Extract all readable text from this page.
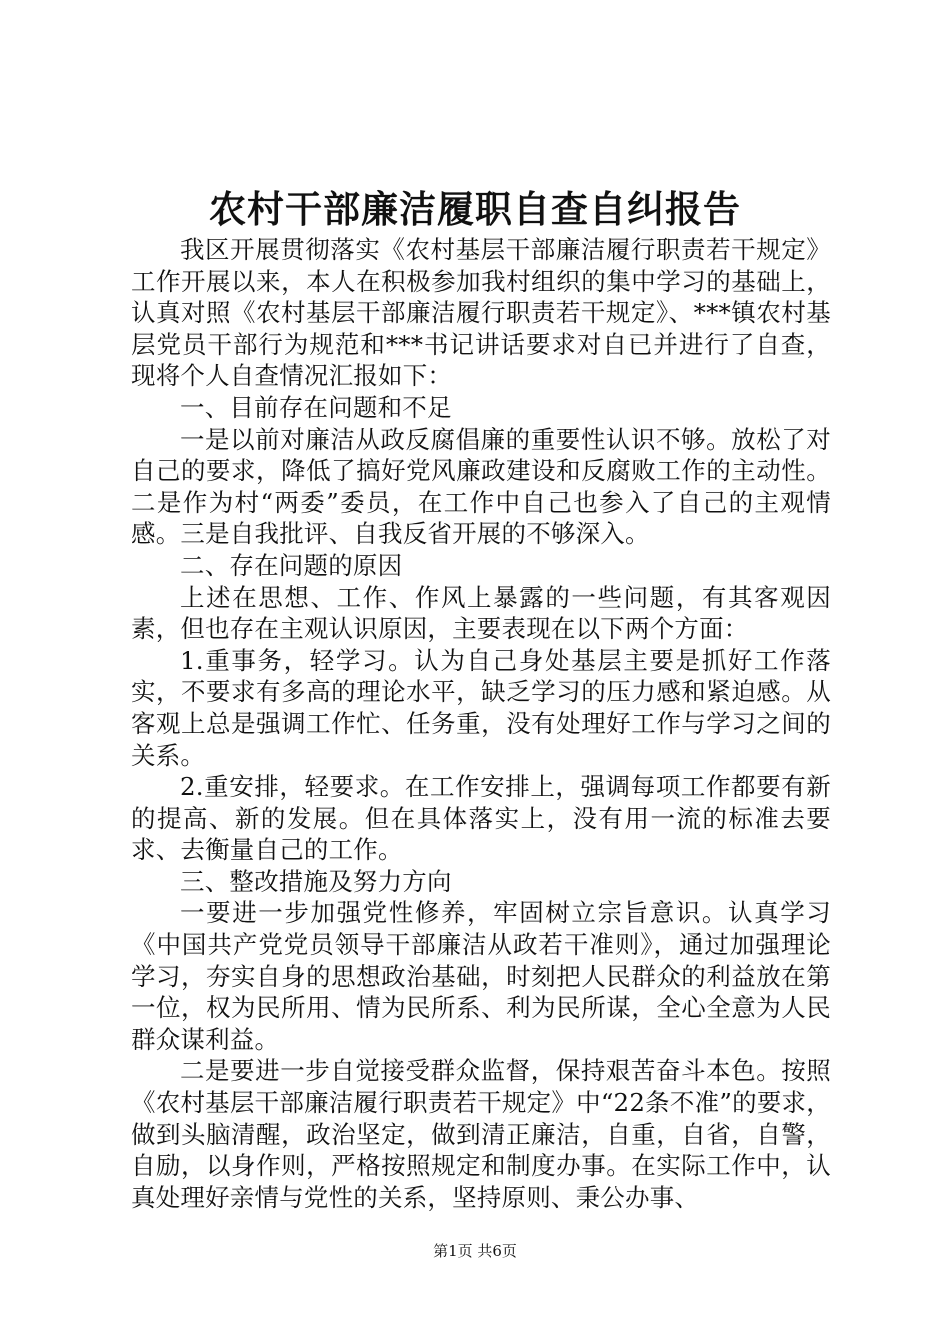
农村干部廉洁履职自查自纠报告

我区开展贯彻落实《农村基层干部廉洁履行职责若干规定》工作开展以来，本人在积极参加我村组织的集中学习的基础上，认真对照《农村基层干部廉洁履行职责若干规定》、***镇农村基层党员干部行为规范和***书记讲话要求对自已并进行了自查，现将个人自查情况汇报如下：

一、目前存在问题和不足

一是以前对廉洁从政反腐倡廉的重要性认识不够。放松了对自己的要求，降低了搞好党风廉政建设和反腐败工作的主动性。二是作为村“两委”委员，在工作中自己也参入了自己的主观情感。三是自我批评、自我反省开展的不够深入。

二、存在问题的原因

上述在思想、工作、作风上暴露的一些问题，有其客观因素，但也存在主观认识原因，主要表现在以下两个方面：

1.重事务，轻学习。认为自己身处基层主要是抓好工作落实，不要求有多高的理论水平，缺乏学习的压力感和紧迫感。从客观上总是强调工作忙、任务重，没有处理好工作与学习之间的关系。

2.重安排，轻要求。在工作安排上，强调每项工作都要有新的提高、新的发展。但在具体落实上，没有用一流的标准去要求、去衡量自己的工作。

三、整改措施及努力方向

一要进一步加强党性修养，牢固树立宗旨意识。认真学习《中国共产党党员领导干部廉洁从政若干准则》，通过加强理论学习，夯实自身的思想政治基础，时刻把人民群众的利益放在第一位，权为民所用、情为民所系、利为民所谋，全心全意为人民群众谋利益。

二是要进一步自觉接受群众监督，保持艰苦奋斗本色。按照《农村基层干部廉洁履行职责若干规定》中“22条不准”的要求，做到头脑清醒，政治坚定，做到清正廉洁，自重，自省，自警，自励，以身作则，严格按照规定和制度办事。在实际工作中，认真处理好亲情与党性的关系，坚持原则、秉公办事、

第1页 共6页
